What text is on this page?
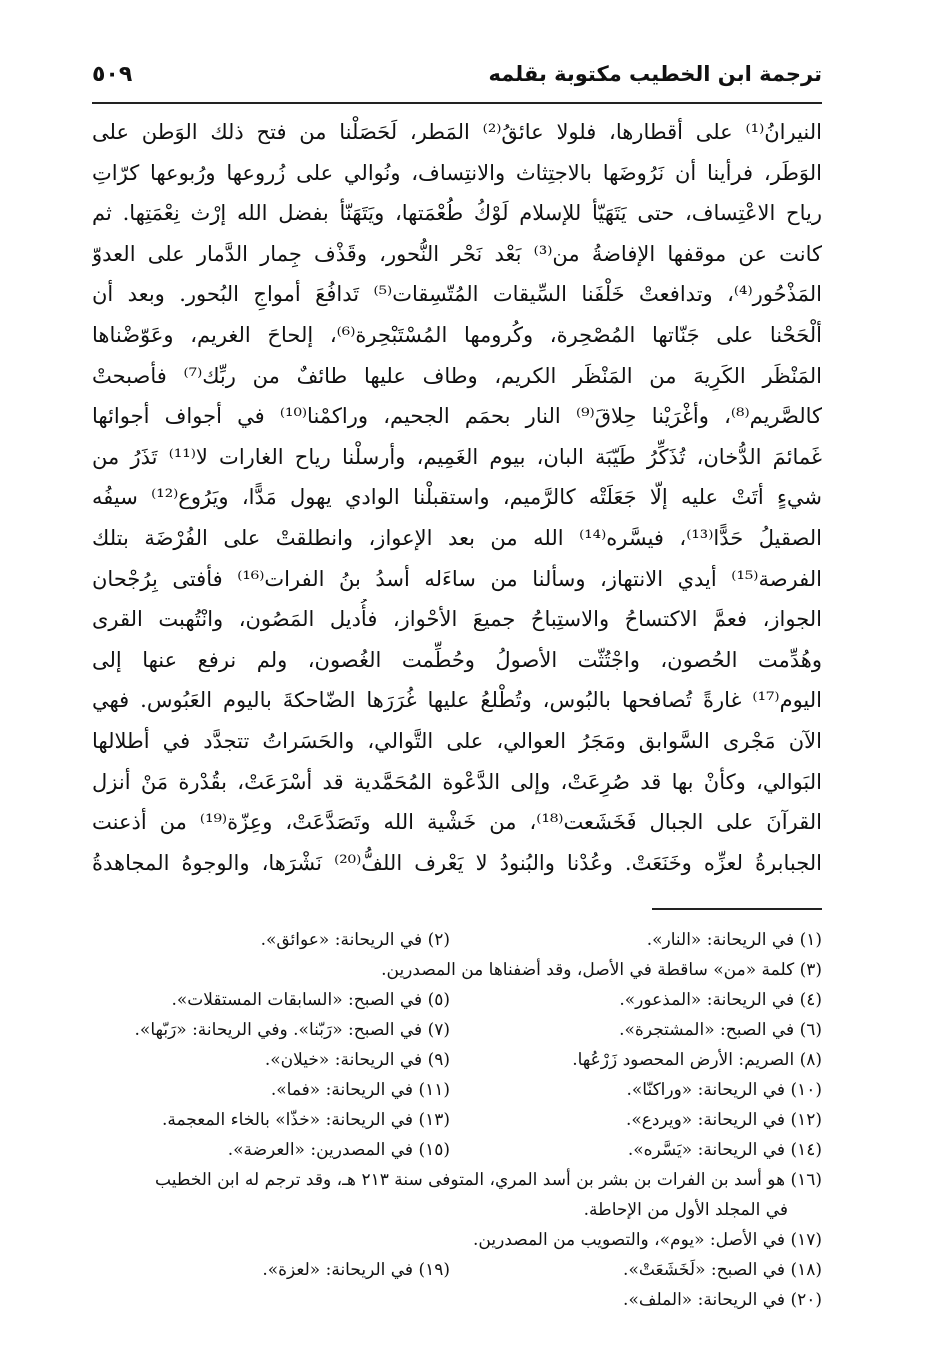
ترجمة ابن الخطيب مكتوبة بقلمه
٥٠٩
النيرانُ⁽¹⁾ على أقطارها، فلولا عائقُ⁽²⁾ المَطر، لَحَصَلْنا من فتح ذلك الوَطن على
الوَطَر، فرأينا أن نَرُوضَها بالاجتِثاث والانتِساف، ونُوالي على زُروعها ورُبوعها كرّاتِ
رياح الاعْتِساف، حتى يَتَهَيّأ للإسلام لَوْكُ طُعْمَتها، ويَتَهَنّأ بفضل الله إرْث نِعْمَتِها. ثم
كانت عن موقفها الإفاضةُ من⁽³⁾ بَعْد نَحْر النُّحور، وقَذْف جِمار الدَّمار على العدوّ
المَذْحُور⁽⁴⁾، وتدافعتْ خَلْفَنا السِّيقات المُتّسِقات⁽⁵⁾ تَدافُعَ أمواجِ البُحور. وبعد أن
ألْحَحْنا على جَنّاتها المُصْحِرة، وكُرومها المُسْتَبْحِرة⁽⁶⁾، إلحاحَ الغريم، وعَوّضْناها
المَنْظَر الكَرِيهَ من المَنْظَر الكريم، وطاف عليها طائفٌ من ربِّك⁽⁷⁾ فأصبحتْ
كالصَّريم⁽⁸⁾، وأغْرَيْنا حِلاقَ⁽⁹⁾ النار بحمَم الجحيم، وراكمْنا⁽¹⁰⁾ في أجواف أجوائها
غَمائمَ الدُّخان، تُذَكِّرُ طَيّبَة البان، بيوم الغَمِيم، وأرسلْنا رياح الغارات لا⁽¹¹⁾ تَذَرُ من
شيءٍ أتَتْ عليه إلّا جَعَلَتْه كالرَّميم، واستقبلْنا الوادي يهول مَدًّا، ويَرُوع⁽¹²⁾ سيفُه
الصقيلُ حَدًّا⁽¹³⁾، فيسَّره⁽¹⁴⁾ الله من بعد الإعواز، وانطلقتْ على الفُرْضَة بتلك
الفرصة⁽¹⁵⁾ أيدي الانتهاز، وسألنا من ساءَله أسدُ بنُ الفرات⁽¹⁶⁾ فأفتى بِرُجْحان
الجواز، فعمَّ الاكتساحُ والاستِباحُ جميعَ الأحْواز، فأُديل المَصُون، وانْتُهبت القرى
وهُدِّمت الحُصون، واجْتُثّت الأصولُ وحُطِّمت الغُصون، ولم نرفع عنها إلى
اليوم⁽¹⁷⁾ غارةً تُصافحها بالبُوس، وتُطْلعُ عليها غُرَرَها الضّاحكةَ باليوم العَبُوس. فهي
الآن مَجْرى السَّوابق ومَجَرُ العوالي، على التَّوالي، والحَسَراتُ تتجدَّد في أطلالها
البَوالي، وكأنْ بها قد صُرِعَتْ، وإلى الدَّعْوة المُحَمَّدية قد أسْرَعَتْ، بقُدْرة مَنْ أنزل
القرآنَ على الجبال فَخَشَعت⁽¹⁸⁾، من خَشْية الله وتَصَدَّعَتْ، وعِزّة⁽¹⁹⁾ من أذعنت
الجبابرةُ لعزِّه وخَنَعَتْ. وعُدْنا والبُنودُ لا يَعْرف اللفُّ⁽²⁰⁾ نَشْرَها، والوجوهُ المجاهدةُ
(١) في الريحانة: «النار».
(٢) في الريحانة: «عوائق».
(٣) كلمة «من» ساقطة في الأصل، وقد أضفناها من المصدرين.
(٤) في الريحانة: «المذعور».
(٥) في الصبح: «السابقات المستقلات».
(٦) في الصبح: «المشتجرة».
(٧) في الصبح: «رَبّنا». وفي الريحانة: «رَبّها».
(٨) الصريم: الأرض المحصود زَرْعُها.
(٩) في الريحانة: «خيلان».
(١٠) في الريحانة: «وراكنّا».
(١١) في الريحانة: «فما».
(١٢) في الريحانة: «ويردع».
(١٣) في الريحانة: «خذّا» بالخاء المعجمة.
(١٤) في الريحانة: «يَسَّره».
(١٥) في المصدرين: «العرضة».
(١٦) هو أسد بن الفرات بن بشر بن أسد المري، المتوفى سنة ٢١٣ هـ، وقد ترجم له ابن الخطيب
في المجلد الأول من الإحاطة.
(١٧) في الأصل: «يوم»، والتصويب من المصدرين.
(١٨) في الصبح: «لَخَشَعَتْ».
(١٩) في الريحانة: «لعزة».
(٢٠) في الريحانة: «الملف».
